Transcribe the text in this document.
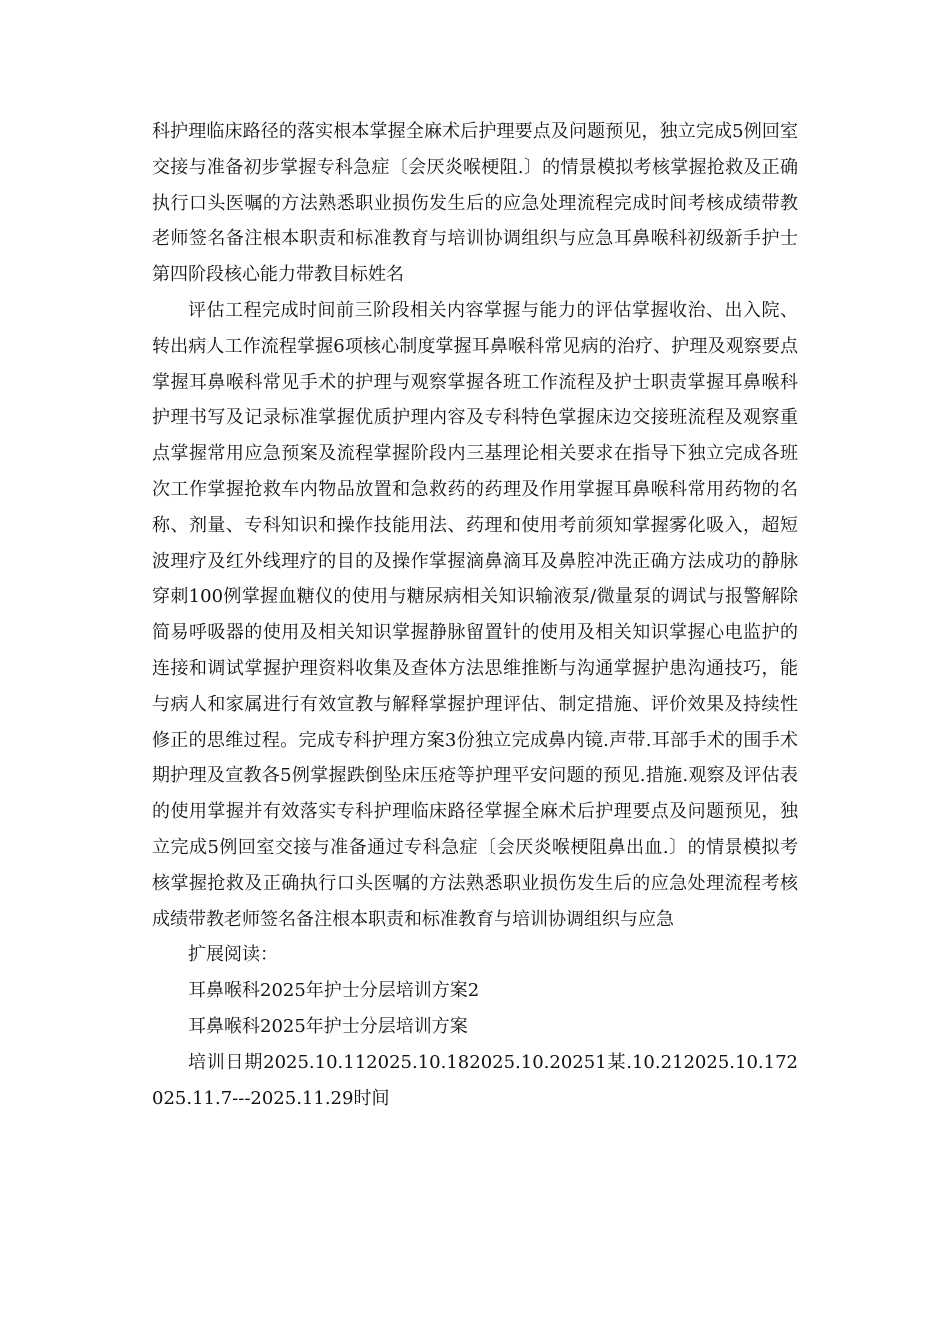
科护理临床路径的落实根本掌握全麻术后护理要点及问题预见，独立完成5例回室交接与准备初步掌握专科急症〔会厌炎喉梗阻.〕的情景模拟考核掌握抢救及正确执行口头医嘱的方法熟悉职业损伤发生后的应急处理流程完成时间考核成绩带教老师签名备注根本职责和标准教育与培训协调组织与应急耳鼻喉科初级新手护士第四阶段核心能力带教目标姓名

评估工程完成时间前三阶段相关内容掌握与能力的评估掌握收治、出入院、转出病人工作流程掌握6项核心制度掌握耳鼻喉科常见病的治疗、护理及观察要点掌握耳鼻喉科常见手术的护理与观察掌握各班工作流程及护士职责掌握耳鼻喉科护理书写及记录标准掌握优质护理内容及专科特色掌握床边交接班流程及观察重点掌握常用应急预案及流程掌握阶段内三基理论相关要求在指导下独立完成各班次工作掌握抢救车内物品放置和急救药的药理及作用掌握耳鼻喉科常用药物的名称、剂量、专科知识和操作技能用法、药理和使用考前须知掌握雾化吸入，超短波理疗及红外线理疗的目的及操作掌握滴鼻滴耳及鼻腔冲洗正确方法成功的静脉穿刺100例掌握血糖仪的使用与糖尿病相关知识输液泵/微量泵的调试与报警解除简易呼吸器的使用及相关知识掌握静脉留置针的使用及相关知识掌握心电监护的连接和调试掌握护理资料收集及查体方法思维推断与沟通掌握护患沟通技巧，能与病人和家属进行有效宣教与解释掌握护理评估、制定措施、评价效果及持续性修正的思维过程。完成专科护理方案3份独立完成鼻内镜.声带.耳部手术的围手术期护理及宣教各5例掌握跌倒坠床压疮等护理平安问题的预见.措施.观察及评估表的使用掌握并有效落实专科护理临床路径掌握全麻术后护理要点及问题预见，独立完成5例回室交接与准备通过专科急症〔会厌炎喉梗阻鼻出血.〕的情景模拟考核掌握抢救及正确执行口头医嘱的方法熟悉职业损伤发生后的应急处理流程考核成绩带教老师签名备注根本职责和标准教育与培训协调组织与应急

扩展阅读：

耳鼻喉科2025年护士分层培训方案2

耳鼻喉科2025年护士分层培训方案

培训日期2025.10.112025.10.182025.10.20251某.10.212025.10.172025.11.7---2025.11.29时间
